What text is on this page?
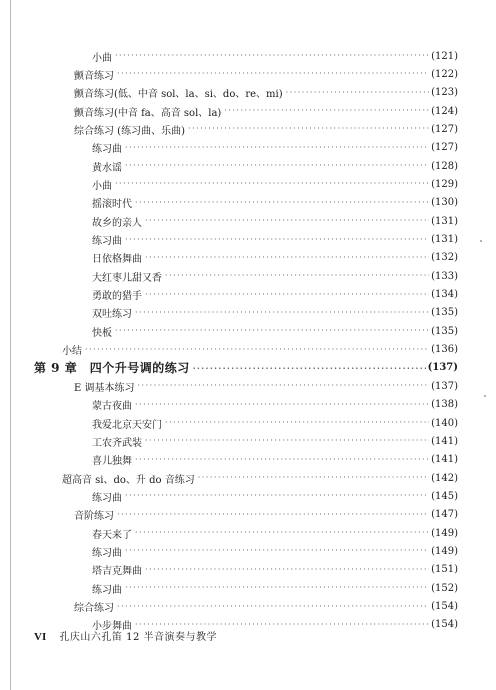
小曲 ·····	(121)
颤音练习 ·····	(122)
颤音练习(低、中音 sol、la、si、do、re、mi) ·····	(123)
颤音练习(中音 fa、高音 sol、la) ·····	(124)
综合练习 (练习曲、乐曲) ·····	(127)
练习曲 ·····	(127)
黄水谣 ·····	(128)
小曲 ·····	(129)
摇滚时代 ·····	(130)
故乡的亲人 ·····	(131)
练习曲 ·····	(131)
日依格舞曲 ·····	(132)
大红枣儿甜又香 ·····	(133)
勇敢的猎手 ·····	(134)
双吐练习 ·····	(135)
快板 ·····	(135)
小结 ·····	(136)
第 9 章　四个升号调的练习 ·····	(137)
E 调基本练习 ·····	(137)
蒙古夜曲 ·····	(138)
我爱北京天安门 ·····	(140)
工农齐武装 ·····	(141)
喜儿独舞 ·····	(141)
超高音 si、do、升 do 音练习 ·····	(142)
练习曲 ·····	(145)
音阶练习 ·····	(147)
春天来了 ·····	(149)
练习曲 ·····	(149)
塔吉克舞曲 ·····	(151)
练习曲 ·····	(152)
综合练习 ·····	(154)
小步舞曲 ·····	(154)
VI 孔庆山六孔笛 12 半音演奏与教学
